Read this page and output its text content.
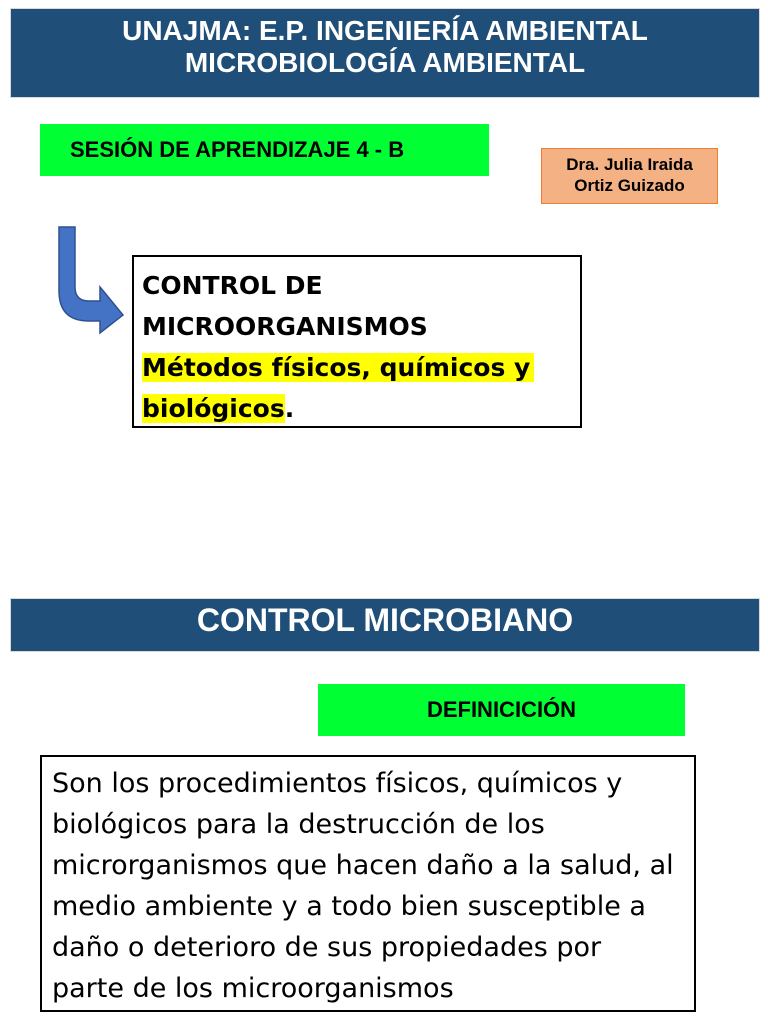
UNAJMA: E.P. INGENIERÍA AMBIENTAL
MICROBIOLOGÍA AMBIENTAL
SESIÓN DE APRENDIZAJE 4 - B
Dra. Julia Iraida
Ortiz Guizado
CONTROL DE
MICROORGANISMOS
Métodos físicos, químicos y
biológicos.
CONTROL MICROBIANO
DEFINICICIÓN
Son los procedimientos físicos, químicos y
biológicos para la destrucción de los
microrganismos que hacen daño a la salud, al
medio ambiente y a todo bien susceptible a
daño o deterioro de sus propiedades por
parte de los microorganismos
